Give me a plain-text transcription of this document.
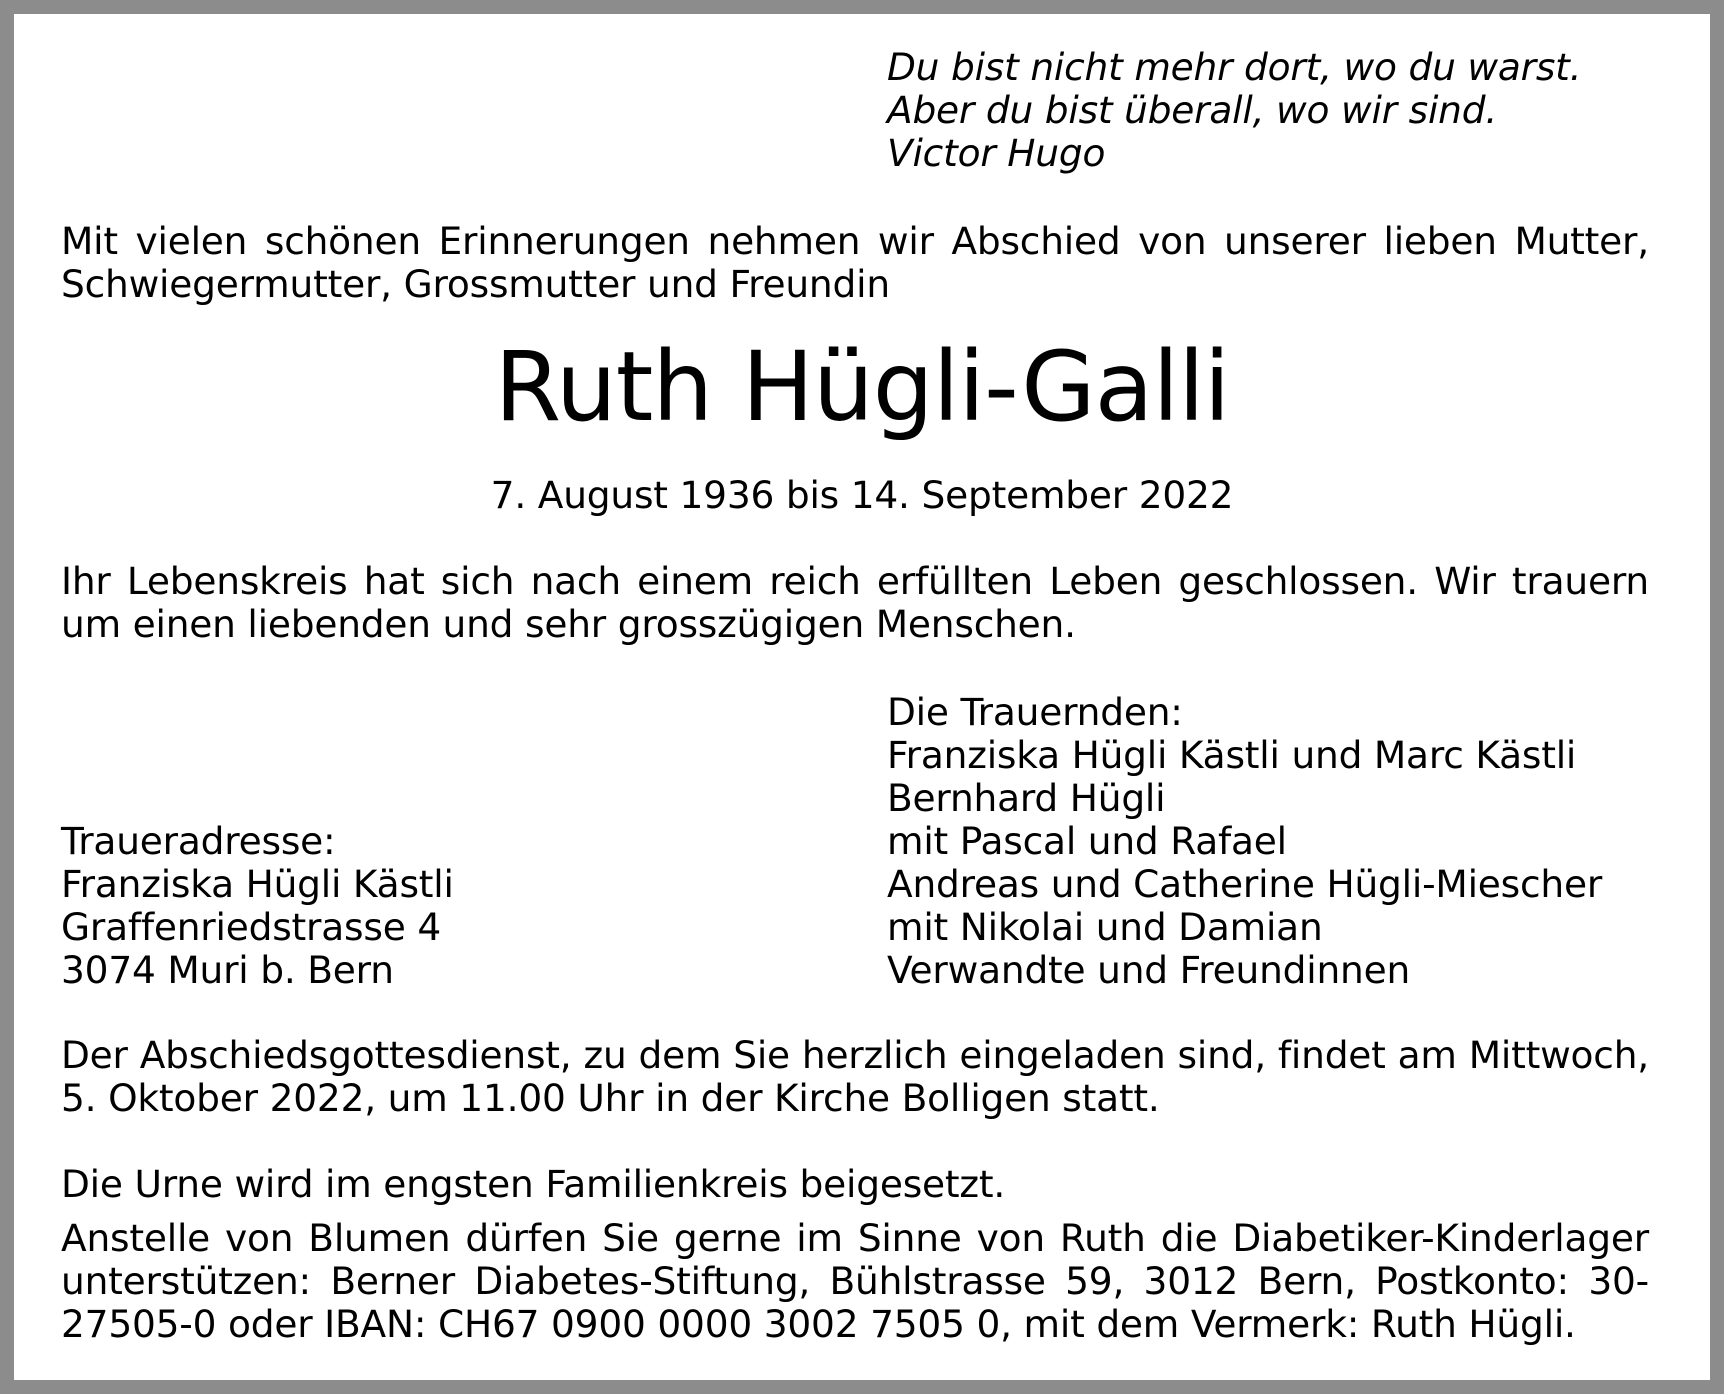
Du bist nicht mehr dort, wo du warst.
Aber du bist überall, wo wir sind.
Victor Hugo
Mit vielen schönen Erinnerungen nehmen wir Abschied von unserer lieben Mutter, Schwiegermutter, Grossmutter und Freundin
Ruth Hügli-Galli
7. August 1936 bis 14. September 2022
Ihr Lebenskreis hat sich nach einem reich erfüllten Leben geschlossen. Wir trauern um einen liebenden und sehr grosszügigen Menschen.
Die Trauernden:
Franziska Hügli Kästli und Marc Kästli
Bernhard Hügli
mit Pascal und Rafael
Andreas und Catherine Hügli-Miescher
mit Nikolai und Damian
Verwandte und Freundinnen
Traueradresse:
Franziska Hügli Kästli
Graffenriedstrasse 4
3074 Muri b. Bern
Der Abschiedsgottesdienst, zu dem Sie herzlich eingeladen sind, findet am Mittwoch, 5. Oktober 2022, um 11.00 Uhr in der Kirche Bolligen statt.
Die Urne wird im engsten Familienkreis beigesetzt.
Anstelle von Blumen dürfen Sie gerne im Sinne von Ruth die Diabetiker-Kinderlager unterstützen: Berner Diabetes-Stiftung, Bühlstrasse 59, 3012 Bern, Postkonto: 30-27505-0 oder IBAN: CH67 0900 0000 3002 7505 0, mit dem Vermerk: Ruth Hügli.
